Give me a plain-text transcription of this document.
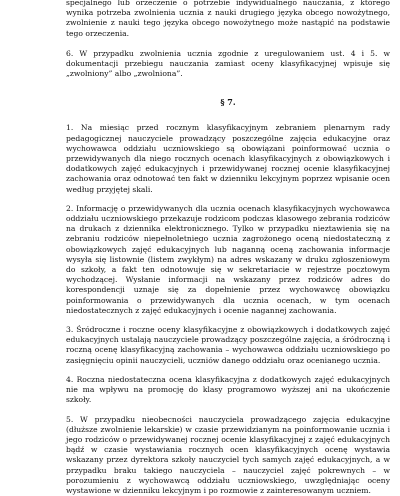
specjalnego lub orzeczenie o potrzebie indywidualnego nauczania, z którego wynika potrzeba zwolnienia ucznia z nauki drugiego języka obcego nowożytnego, zwolnienie z nauki tego języka obcego nowożytnego może nastąpić na podstawie tego orzeczenia.

6. W przypadku zwolnienia ucznia zgodnie z uregulowaniem ust. 4 i 5. w dokumentacji przebiegu nauczania zamiast oceny klasyfikacyjnej wpisuje się „zwolniony” albo „zwolniona”.

§ 7.

1. Na miesiąc przed rocznym klasyfikacyjnym zebraniem plenarnym rady pedagogicznej nauczyciele prowadzący poszczególne zajęcia edukacyjne oraz wychowawca oddziału uczniowskiego są obowiązani poinformować ucznia o przewidywanych dla niego rocznych ocenach klasyfikacyjnych z obowiązkowych i dodatkowych zajęć edukacyjnych i przewidywanej rocznej ocenie klasyfikacyjnej zachowania oraz odnotować ten fakt w dzienniku lekcyjnym poprzez wpisanie ocen według przyjętej skali.

2. Informację o przewidywanych dla ucznia ocenach klasyfikacyjnych wychowawca oddziału uczniowskiego przekazuje rodzicom podczas klasowego zebrania rodziców na drukach z dziennika elektronicznego. Tylko w przypadku nieztawienia się na zebraniu rodziców niepełnoletniego ucznia zagrożonego oceną niedostateczną z obowiązkowych zajęć edukacyjnych lub naganną oceną zachowania informacje wysyła się listownie (listem zwykłym) na adres wskazany w druku zgłoszeniowym do szkoły, a fakt ten odnotowuje się w sekretariacie w rejestrze pocztowym wychodzącej. Wysłanie informacji na wskazany przez rodziców adres do korespondencji uznaje się za dopełnienie przez wychowawcę obowiązku poinformowania o przewidywanych dla ucznia ocenach, w tym ocenach niedostatecznych z zajęć edukacyjnych i ocenie nagannej zachowania.

3. Śródroczne i roczne oceny klasyfikacyjne z obowiązkowych i dodatkowych zajęć edukacyjnych ustalają nauczyciele prowadzący poszczególne zajęcia, a śródroczną i roczną ocenę klasyfikacyjną zachowania – wychowawca oddziału uczniowskiego po zasięgnięciu opinii nauczycieli, uczniów danego oddziału oraz ocenianego ucznia.

4. Roczna niedostateczna ocena klasyfikacyjna z dodatkowych zajęć edukacyjnych nie ma wpływu na promocję do klasy programowo wyższej ani na ukończenie szkoły.

5. W przypadku nieobecności nauczyciela prowadzącego zajęcia edukacyjne (dłuższe zwolnienie lekarskie) w czasie przewidzianym na poinformowanie ucznia i jego rodziców o przewidywanej rocznej ocenie klasyfikacyjnej z zajęć edukacyjnych bądź w czasie wystawiania rocznych ocen klasyfikacyjnych ocenę wystawia wskazany przez dyrektora szkoły nauczyciel tych samych zajęć edukacyjnych, a w przypadku braku takiego nauczyciela – nauczyciel zajęć pokrewnych – w porozumieniu z wychowawcą oddziału uczniowskiego, uwzględniając oceny wystawione w dzienniku lekcyjnym i po rozmowie z zainteresowanym uczniem.
